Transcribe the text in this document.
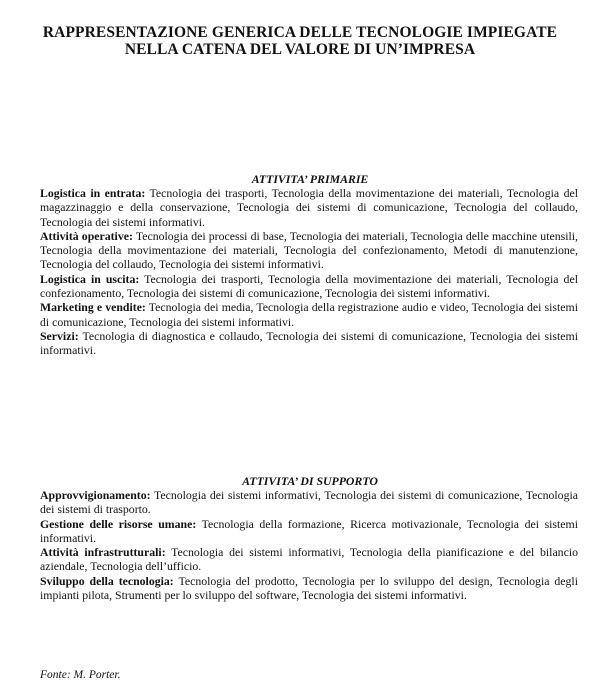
RAPPRESENTAZIONE GENERICA DELLE TECNOLOGIE IMPIEGATE
NELLA CATENA DEL VALORE DI UN’IMPRESA
ATTIVITA’ PRIMARIE

Logistica in entrata: Tecnologia dei trasporti, Tecnologia della movimentazione dei materiali, Tecnologia del magazzinaggio e della conservazione, Tecnologia dei sistemi di comunicazione, Tecnologia del collaudo, Tecnologia dei sistemi informativi.

Attività operative: Tecnologia dei processi di base, Tecnologia dei materiali, Tecnologia delle macchine utensili, Tecnologia della movimentazione dei materiali, Tecnologia del confezionamento, Metodi di manutenzione, Tecnologia del collaudo, Tecnologia dei sistemi informativi.

Logistica in uscita: Tecnologia dei trasporti, Tecnologia della movimentazione dei materiali, Tecnologia del confezionamento, Tecnologia dei sistemi di comunicazione, Tecnologia dei sistemi informativi.

Marketing e vendite: Tecnologia dei media, Tecnologia della registrazione audio e video, Tecnologia dei sistemi di comunicazione, Tecnologia dei sistemi informativi.

Servizi: Tecnologia di diagnostica e collaudo, Tecnologia dei sistemi di comunicazione, Tecnologia dei sistemi informativi.

ATTIVITA’ DI SUPPORTO

Approvvigionamento: Tecnologia dei sistemi informativi, Tecnologia dei sistemi di comunicazione, Tecnologia dei sistemi di trasporto.

Gestione delle risorse umane: Tecnologia della formazione, Ricerca motivazionale, Tecnologia dei sistemi informativi.

Attività infrastrutturali: Tecnologia dei sistemi informativi, Tecnologia della pianificazione e del bilancio aziendale, Tecnologia dell’ufficio.

Sviluppo della tecnologia: Tecnologia del prodotto, Tecnologia per lo sviluppo del design, Tecnologia degli impianti pilota, Strumenti per lo sviluppo del software, Tecnologia dei sistemi informativi.

Fonte: M. Porter.
